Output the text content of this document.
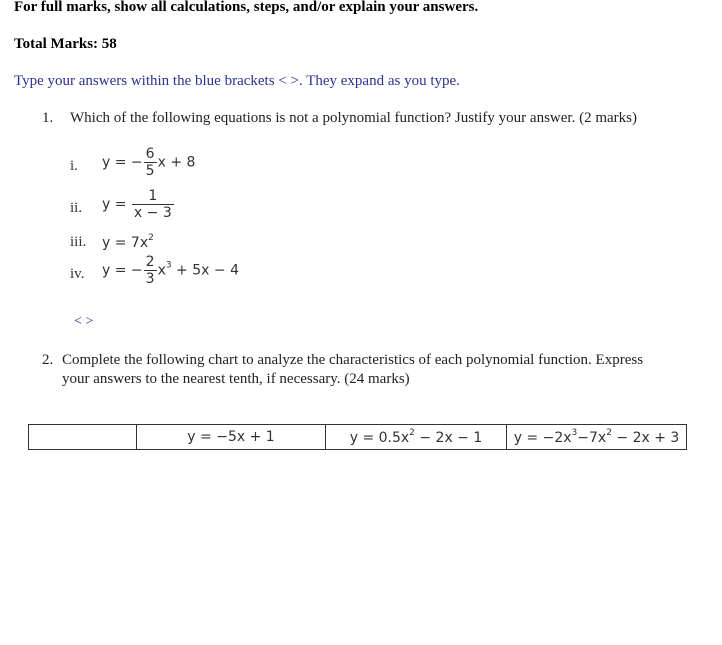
For full marks, show all calculations, steps, and/or explain your answers.
Total Marks: 58
Type your answers within the blue brackets < >. They expand as you type.
1. Which of the following equations is not a polynomial function? Justify your answer. (2 marks)
i. y = − $\frac{6}{5}$ x + 8
ii. $y = \frac{1}{x - 3}$
iii. $y = 7x^2$
iv. y = − $\frac{2}{3} x^3 + 5x - 4$
< >
2. Complete the following chart to analyze the characteristics of each polynomial function. Express
your answers to the nearest tenth, if necessary. (24 marks)
	y = −5x + 1	$y = 0.5x^2 - 2x - 1$	$y = -2x^3-7x^2 - 2x + 3$
